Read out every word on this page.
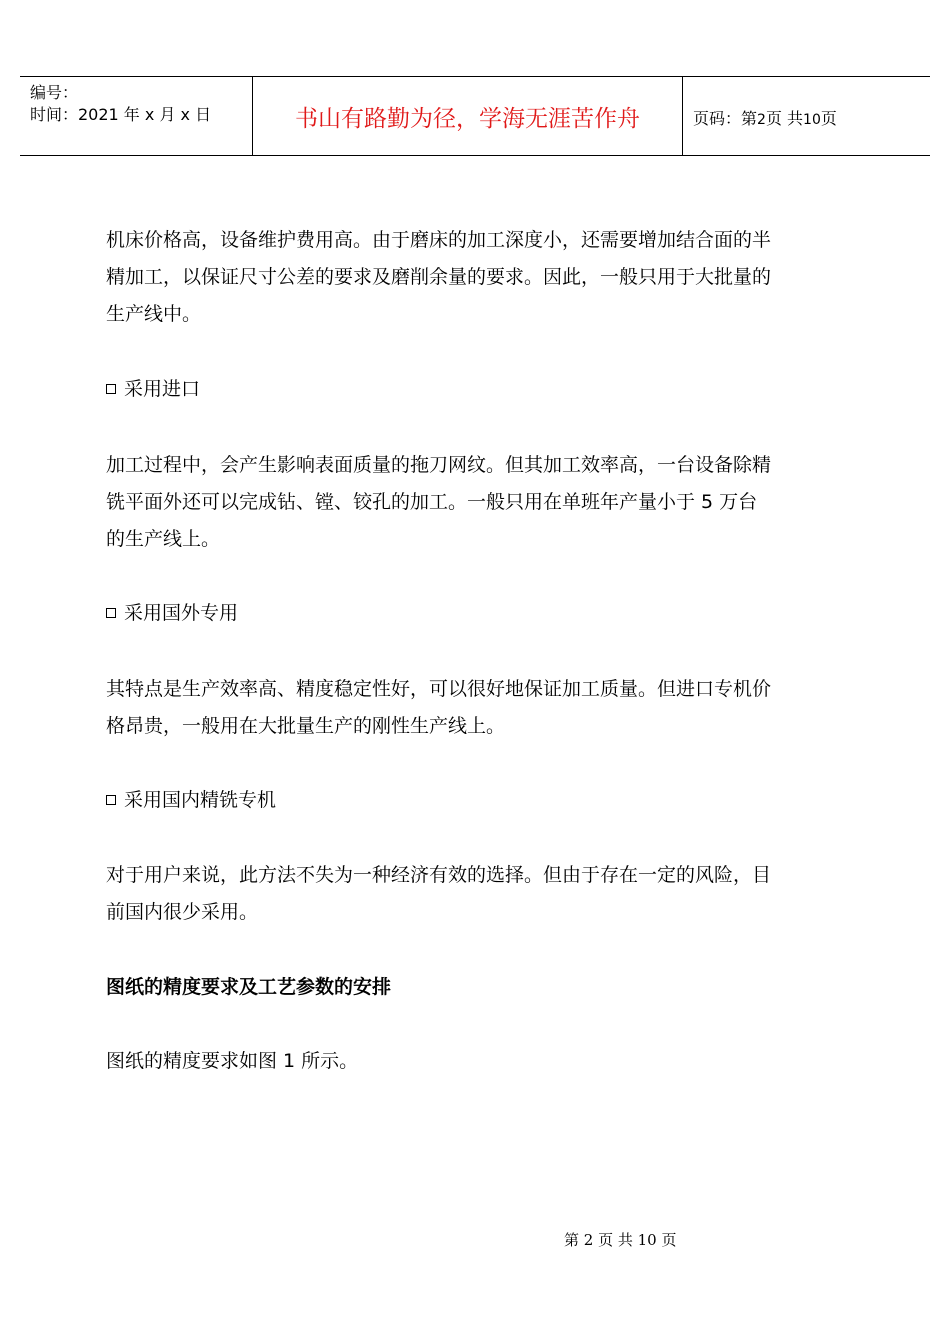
编号：
时间：2021 年 x 月 x 日	书山有路勤为径，学海无涯苦作舟	页码：第2页 共10页
机床价格高，设备维护费用高。由于磨床的加工深度小，还需要增加结合面的半
精加工，以保证尺寸公差的要求及磨削余量的要求。因此，一般只用于大批量的
生产线中。
采用进口
加工过程中，会产生影响表面质量的拖刀网纹。但其加工效率高，一台设备除精
铣平面外还可以完成钻、镗、铰孔的加工。一般只用在单班年产量小于 5 万台
的生产线上。
采用国外专用
其特点是生产效率高、精度稳定性好，可以很好地保证加工质量。但进口专机价
格昂贵，一般用在大批量生产的刚性生产线上。
采用国内精铣专机
对于用户来说，此方法不失为一种经济有效的选择。但由于存在一定的风险，目
前国内很少采用。
图纸的精度要求及工艺参数的安排
图纸的精度要求如图 1 所示。
第 2 页 共 10 页
